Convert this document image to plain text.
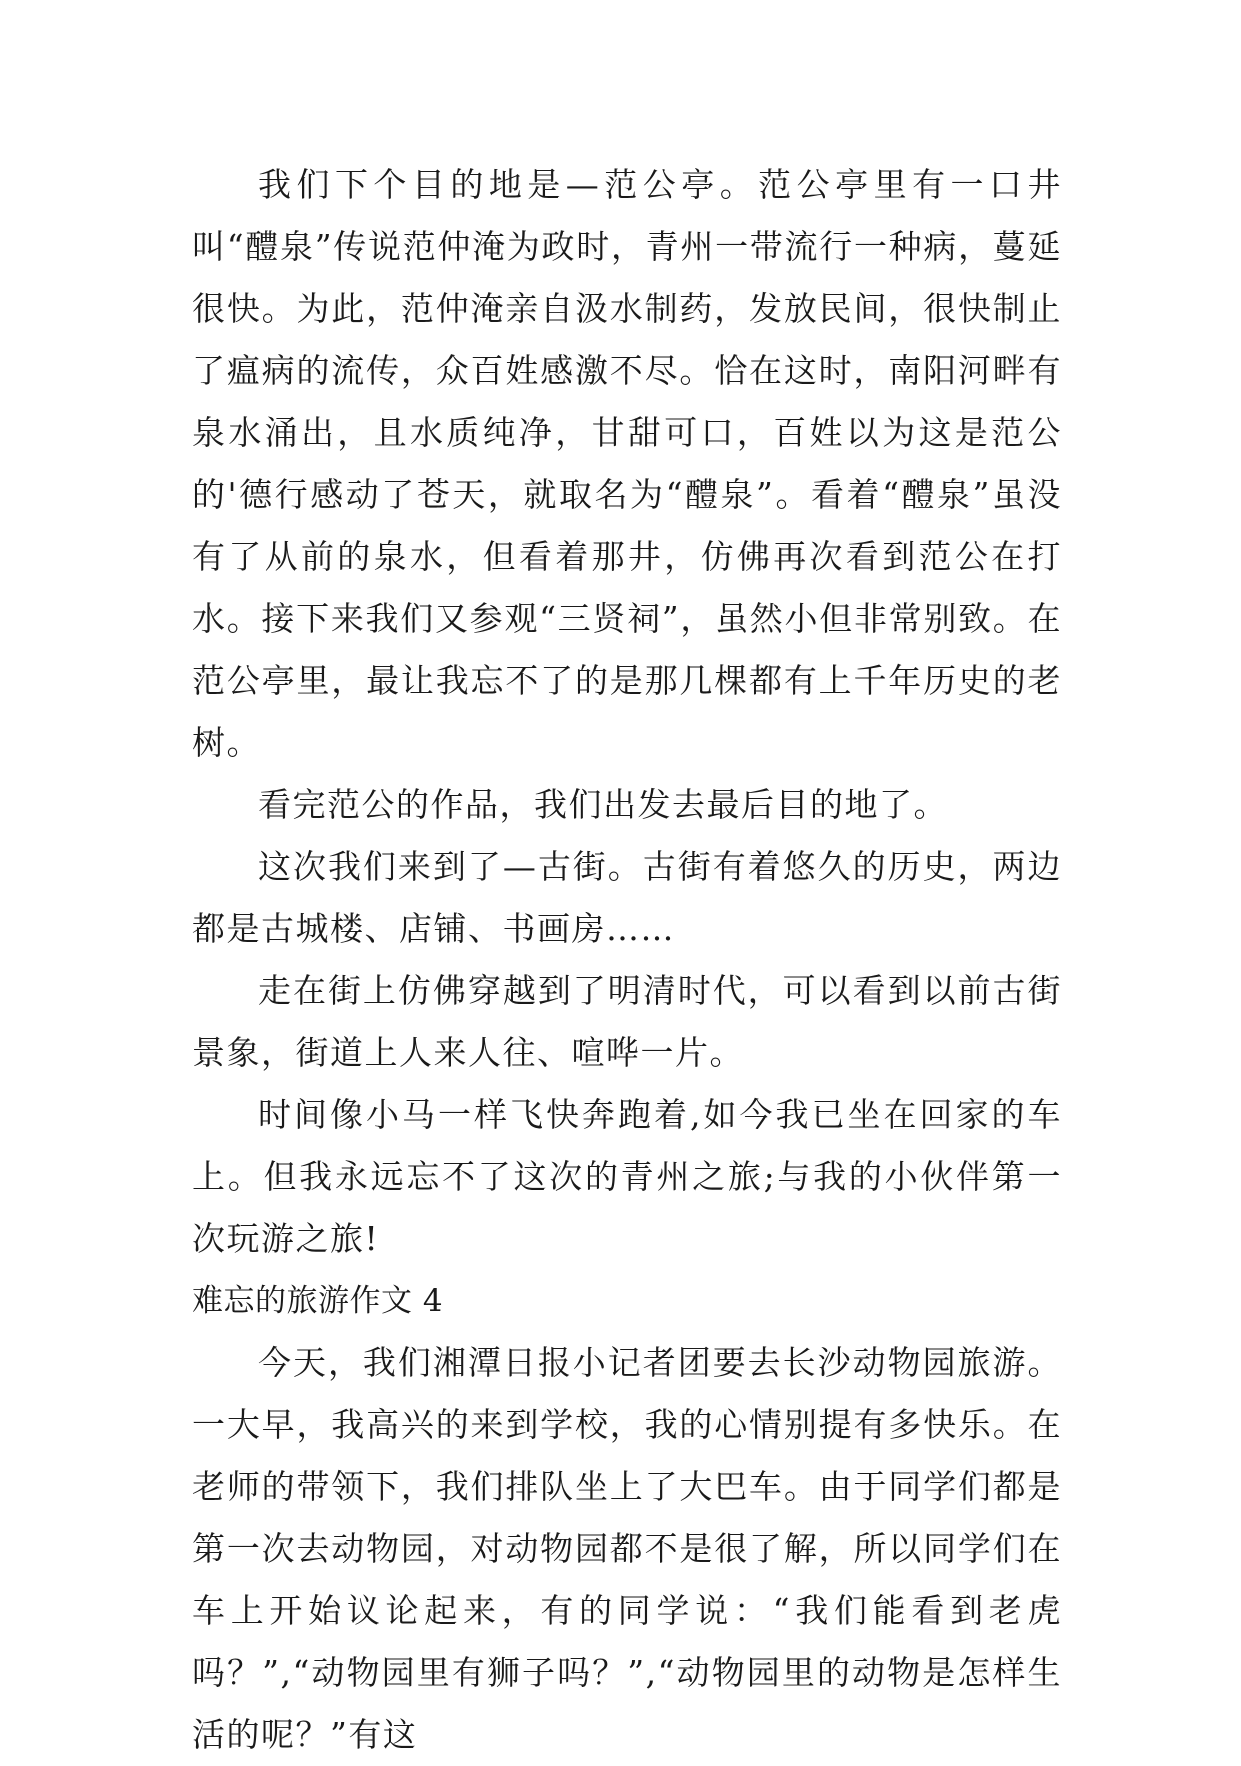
我们下个目的地是—范公亭。范公亭里有一口井叫“醴泉”传说范仲淹为政时，青州一带流行一种病，蔓延很快。为此，范仲淹亲自汲水制药，发放民间，很快制止了瘟病的流传，众百姓感激不尽。恰在这时，南阳河畔有泉水涌出，且水质纯净，甘甜可口，百姓以为这是范公的'德行感动了苍天，就取名为“醴泉”。看着“醴泉”虽没有了从前的泉水，但看着那井，仿佛再次看到范公在打水。接下来我们又参观“三贤祠”，虽然小但非常别致。在范公亭里，最让我忘不了的是那几棵都有上千年历史的老树。

看完范公的作品，我们出发去最后目的地了。

这次我们来到了—古街。古街有着悠久的历史，两边都是古城楼、店铺、书画房……

走在街上仿佛穿越到了明清时代，可以看到以前古街景象，街道上人来人往、喧哗一片。

时间像小马一样飞快奔跑着,如今我已坐在回家的车上。但我永远忘不了这次的青州之旅;与我的小伙伴第一次玩游之旅!

难忘的旅游作文 4

今天，我们湘潭日报小记者团要去长沙动物园旅游。一大早，我高兴的来到学校，我的心情别提有多快乐。在老师的带领下，我们排队坐上了大巴车。由于同学们都是第一次去动物园，对动物园都不是很了解，所以同学们在车上开始议论起来，有的同学说：“我们能看到老虎吗？”,“动物园里有狮子吗？”,“动物园里的动物是怎样生活的呢？”有这
